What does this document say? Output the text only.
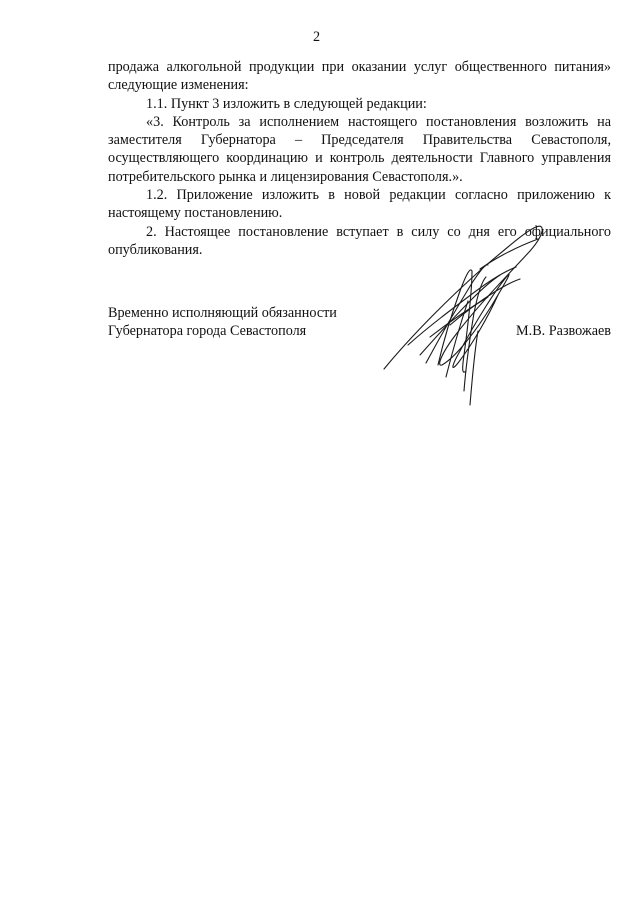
2

продажа алкогольной продукции при оказании услуг общественного питания» следующие изменения:

1.1. Пункт 3 изложить в следующей редакции:

«3. Контроль за исполнением настоящего постановления возложить на заместителя Губернатора – Председателя Правительства Севастополя, осуществляющего координацию и контроль деятельности Главного управления потребительского рынка и лицензирования Севастополя.».

1.2. Приложение изложить в новой редакции согласно приложению к настоящему постановлению.

2. Настоящее постановление вступает в силу со дня его официального опубликования.

Временно исполняющий обязанности
Губернатора города Севастополя	М.В. Развожаев
